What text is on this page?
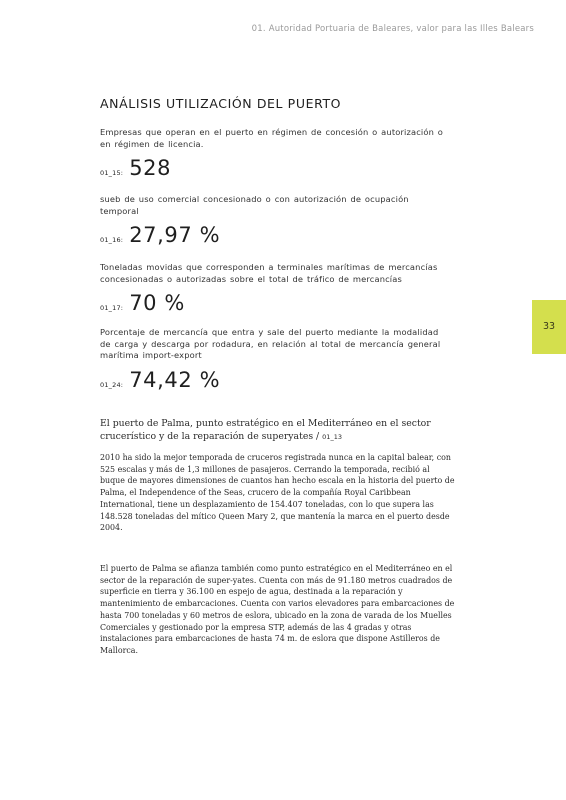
01. Autoridad Portuaria de Baleares, valor para las Illes Balears
ANÁLISIS UTILIZACIÓN DEL PUERTO
Empresas que operan en el puerto en régimen de concesión o autorización o en régimen de licencia.
01_15: 528
sueb de uso comercial concesionado o con autorización de ocupación temporal
01_16: 27,97 %
Toneladas movidas que corresponden a terminales marítimas de mercancías concesionadas o autorizadas sobre el total de tráfico de mercancías
01_17: 70 %
Porcentaje de mercancía que entra y sale del puerto mediante la modalidad de carga y descarga por rodadura, en relación al total de mercancía general marítima import-export
01_24: 74,42 %
33
El puerto de Palma, punto estratégico en el Mediterráneo en el sector crucerístico y de la reparación de superyates / 01_13

2010 ha sido la mejor temporada de cruceros registrada nunca en la capital balear, con 525 escalas y más de 1,3 millones de pasajeros. Cerrando la temporada, recibió al buque de mayores dimensiones de cuantos han hecho escala en la historia del puerto de Palma, el Independence of the Seas, crucero de la compañía Royal Caribbean International, tiene un desplazamiento de 154.407 toneladas, con lo que supera las 148.528 toneladas del mítico Queen Mary 2, que mantenía la marca en el puerto desde 2004.

El puerto de Palma se afianza también como punto estratégico en el Mediterráneo en el sector de la reparación de super-yates. Cuenta con más de 91.180 metros cuadrados de superficie en tierra y 36.100 en espejo de agua, destinada a la reparación y mantenimiento de embarcaciones. Cuenta con varios elevadores para embarcaciones de hasta 700 toneladas y 60 metros de eslora, ubicado en la zona de varada de los Muelles Comerciales y gestionado por la empresa STP, además de las 4 gradas y otras instalaciones para embarcaciones de hasta 74 m. de eslora que dispone Astilleros de Mallorca.
